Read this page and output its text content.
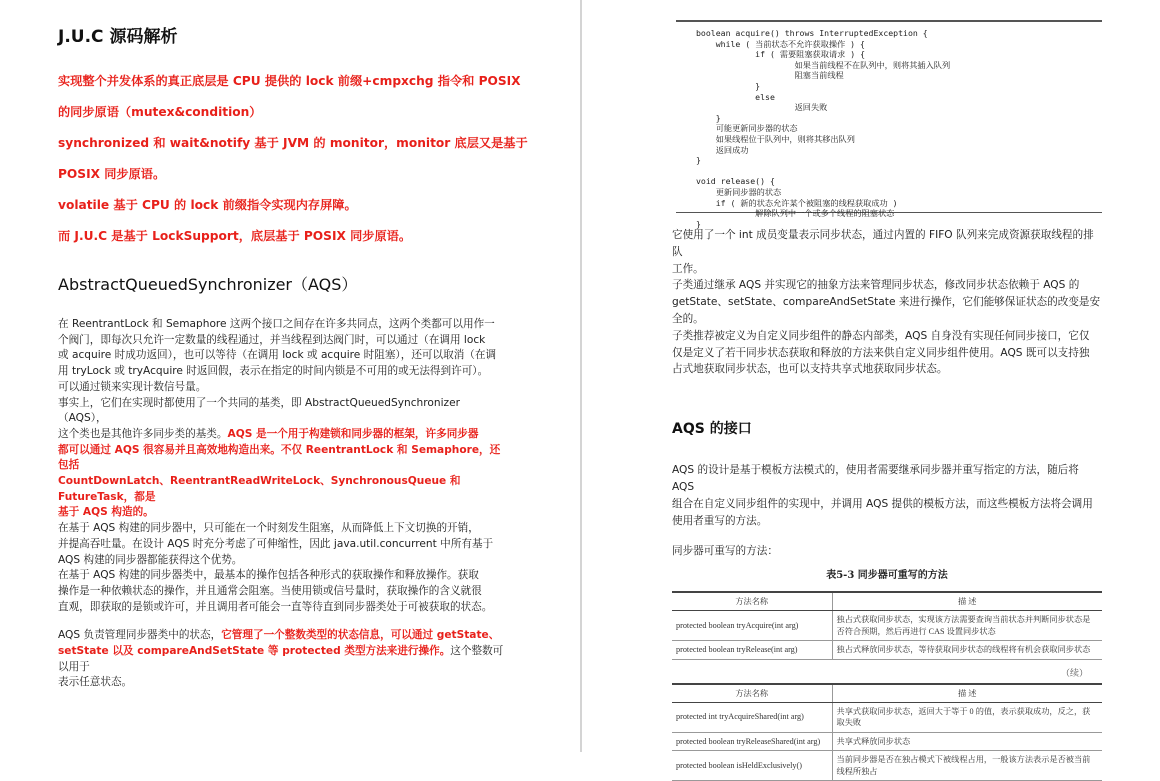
J.U.C 源码解析

实现整个并发体系的真正底层是 CPU 提供的 lock 前缀+cmpxchg 指令和 POSIX

的同步原语（mutex&condition）

synchronized 和 wait&notify 基于 JVM 的 monitor，monitor 底层又是基于

POSIX 同步原语。

volatile 基于 CPU 的 lock 前缀指令实现内存屏障。

而 J.U.C 是基于 LockSupport，底层基于 POSIX 同步原语。

AbstractQueuedSynchronizer（AQS）

在 ReentrantLock 和 Semaphore 这两个接口之间存在许多共同点，这两个类都可以用作一

个阀门，即每次只允许一定数量的线程通过，并当线程到达阀门时，可以通过（在调用 lock

或 acquire 时成功返回），也可以等待（在调用 lock 或 acquire 时阻塞），还可以取消（在调

用 tryLock 或 tryAcquire 时返回假，表示在指定的时间内锁是不可用的或无法得到许可）。

可以通过锁来实现计数信号量。

事实上，它们在实现时都使用了一个共同的基类，即 AbstractQueuedSynchronizer（AQS），

这个类也是其他许多同步类的基类。AQS 是一个用于构建锁和同步器的框架，许多同步器

都可以通过 AQS 很容易并且高效地构造出来。不仅 ReentrantLock 和 Semaphore，还包括

CountDownLatch、ReentrantReadWriteLock、SynchronousQueue 和 FutureTask，都是

基于 AQS 构造的。

在基于 AQS 构建的同步器中，只可能在一个时刻发生阻塞，从而降低上下文切换的开销，

并提高吞吐量。在设计 AQS 时充分考虑了可伸缩性，因此 java.util.concurrent 中所有基于

AQS 构建的同步器都能获得这个优势。

在基于 AQS 构建的同步器类中，最基本的操作包括各种形式的获取操作和释放操作。获取

操作是一种依赖状态的操作，并且通常会阻塞。当使用锁或信号量时，获取操作的含义就很

直观，即获取的是锁或许可，并且调用者可能会一直等待直到同步器类处于可被获取的状态。

AQS 负责管理同步器类中的状态，它管理了一个整数类型的状态信息，可以通过 getState、

setState 以及 compareAndSetState 等 protected 类型方法来进行操作。这个整数可以用于

表示任意状态。

boolean acquire() throws InterruptedException {
while ( 当前状态不允许获取操作 ) {
if ( 需要阻塞获取请求 ) {
如果当前线程不在队列中，则将其插入队列
阻塞当前线程
}
else
返回失败
}
可能更新同步器的状态
如果线程位于队列中，则将其移出队列
返回成功
}

void release() {
更新同步器的状态
if ( 新的状态允许某个被阻塞的线程获取成功 )
解除队列中一个或多个线程的阻塞状态
}

它使用了一个 int 成员变量表示同步状态，通过内置的 FIFO 队列来完成资源获取线程的排队

工作。

子类通过继承 AQS 并实现它的抽象方法来管理同步状态，修改同步状态依赖于 AQS 的

getState、setState、compareAndSetState 来进行操作，它们能够保证状态的改变是安全的。

子类推荐被定义为自定义同步组件的静态内部类，AQS 自身没有实现任何同步接口，它仅

仅是定义了若干同步状态获取和释放的方法来供自定义同步组件使用。AQS 既可以支持独

占式地获取同步状态，也可以支持共享式地获取同步状态。

AQS 的接口

AQS 的设计是基于模板方法模式的，使用者需要继承同步器并重写指定的方法，随后将 AQS

组合在自定义同步组件的实现中，并调用 AQS 提供的模板方法，而这些模板方法将会调用

使用者重写的方法。

同步器可重写的方法：

表5-3 同步器可重写的方法
方法名称	描 述
protected boolean tryAcquire(int arg)	独占式获取同步状态，实现该方法需要查询当前状态并判断同步状态是否符合预期，然后再进行 CAS 设置同步状态
protected boolean tryRelease(int arg)	独占式释放同步状态，等待获取同步状态的线程将有机会获取同步状态
（续）
方法名称	描 述
protected int tryAcquireShared(int arg)	共享式获取同步状态，返回大于等于 0 的值，表示获取成功，反之，获取失败
protected boolean tryReleaseShared(int arg)	共享式释放同步状态
protected boolean isHeldExclusively()	当前同步器是否在独占模式下被线程占用，一般该方法表示是否被当前线程所独占
